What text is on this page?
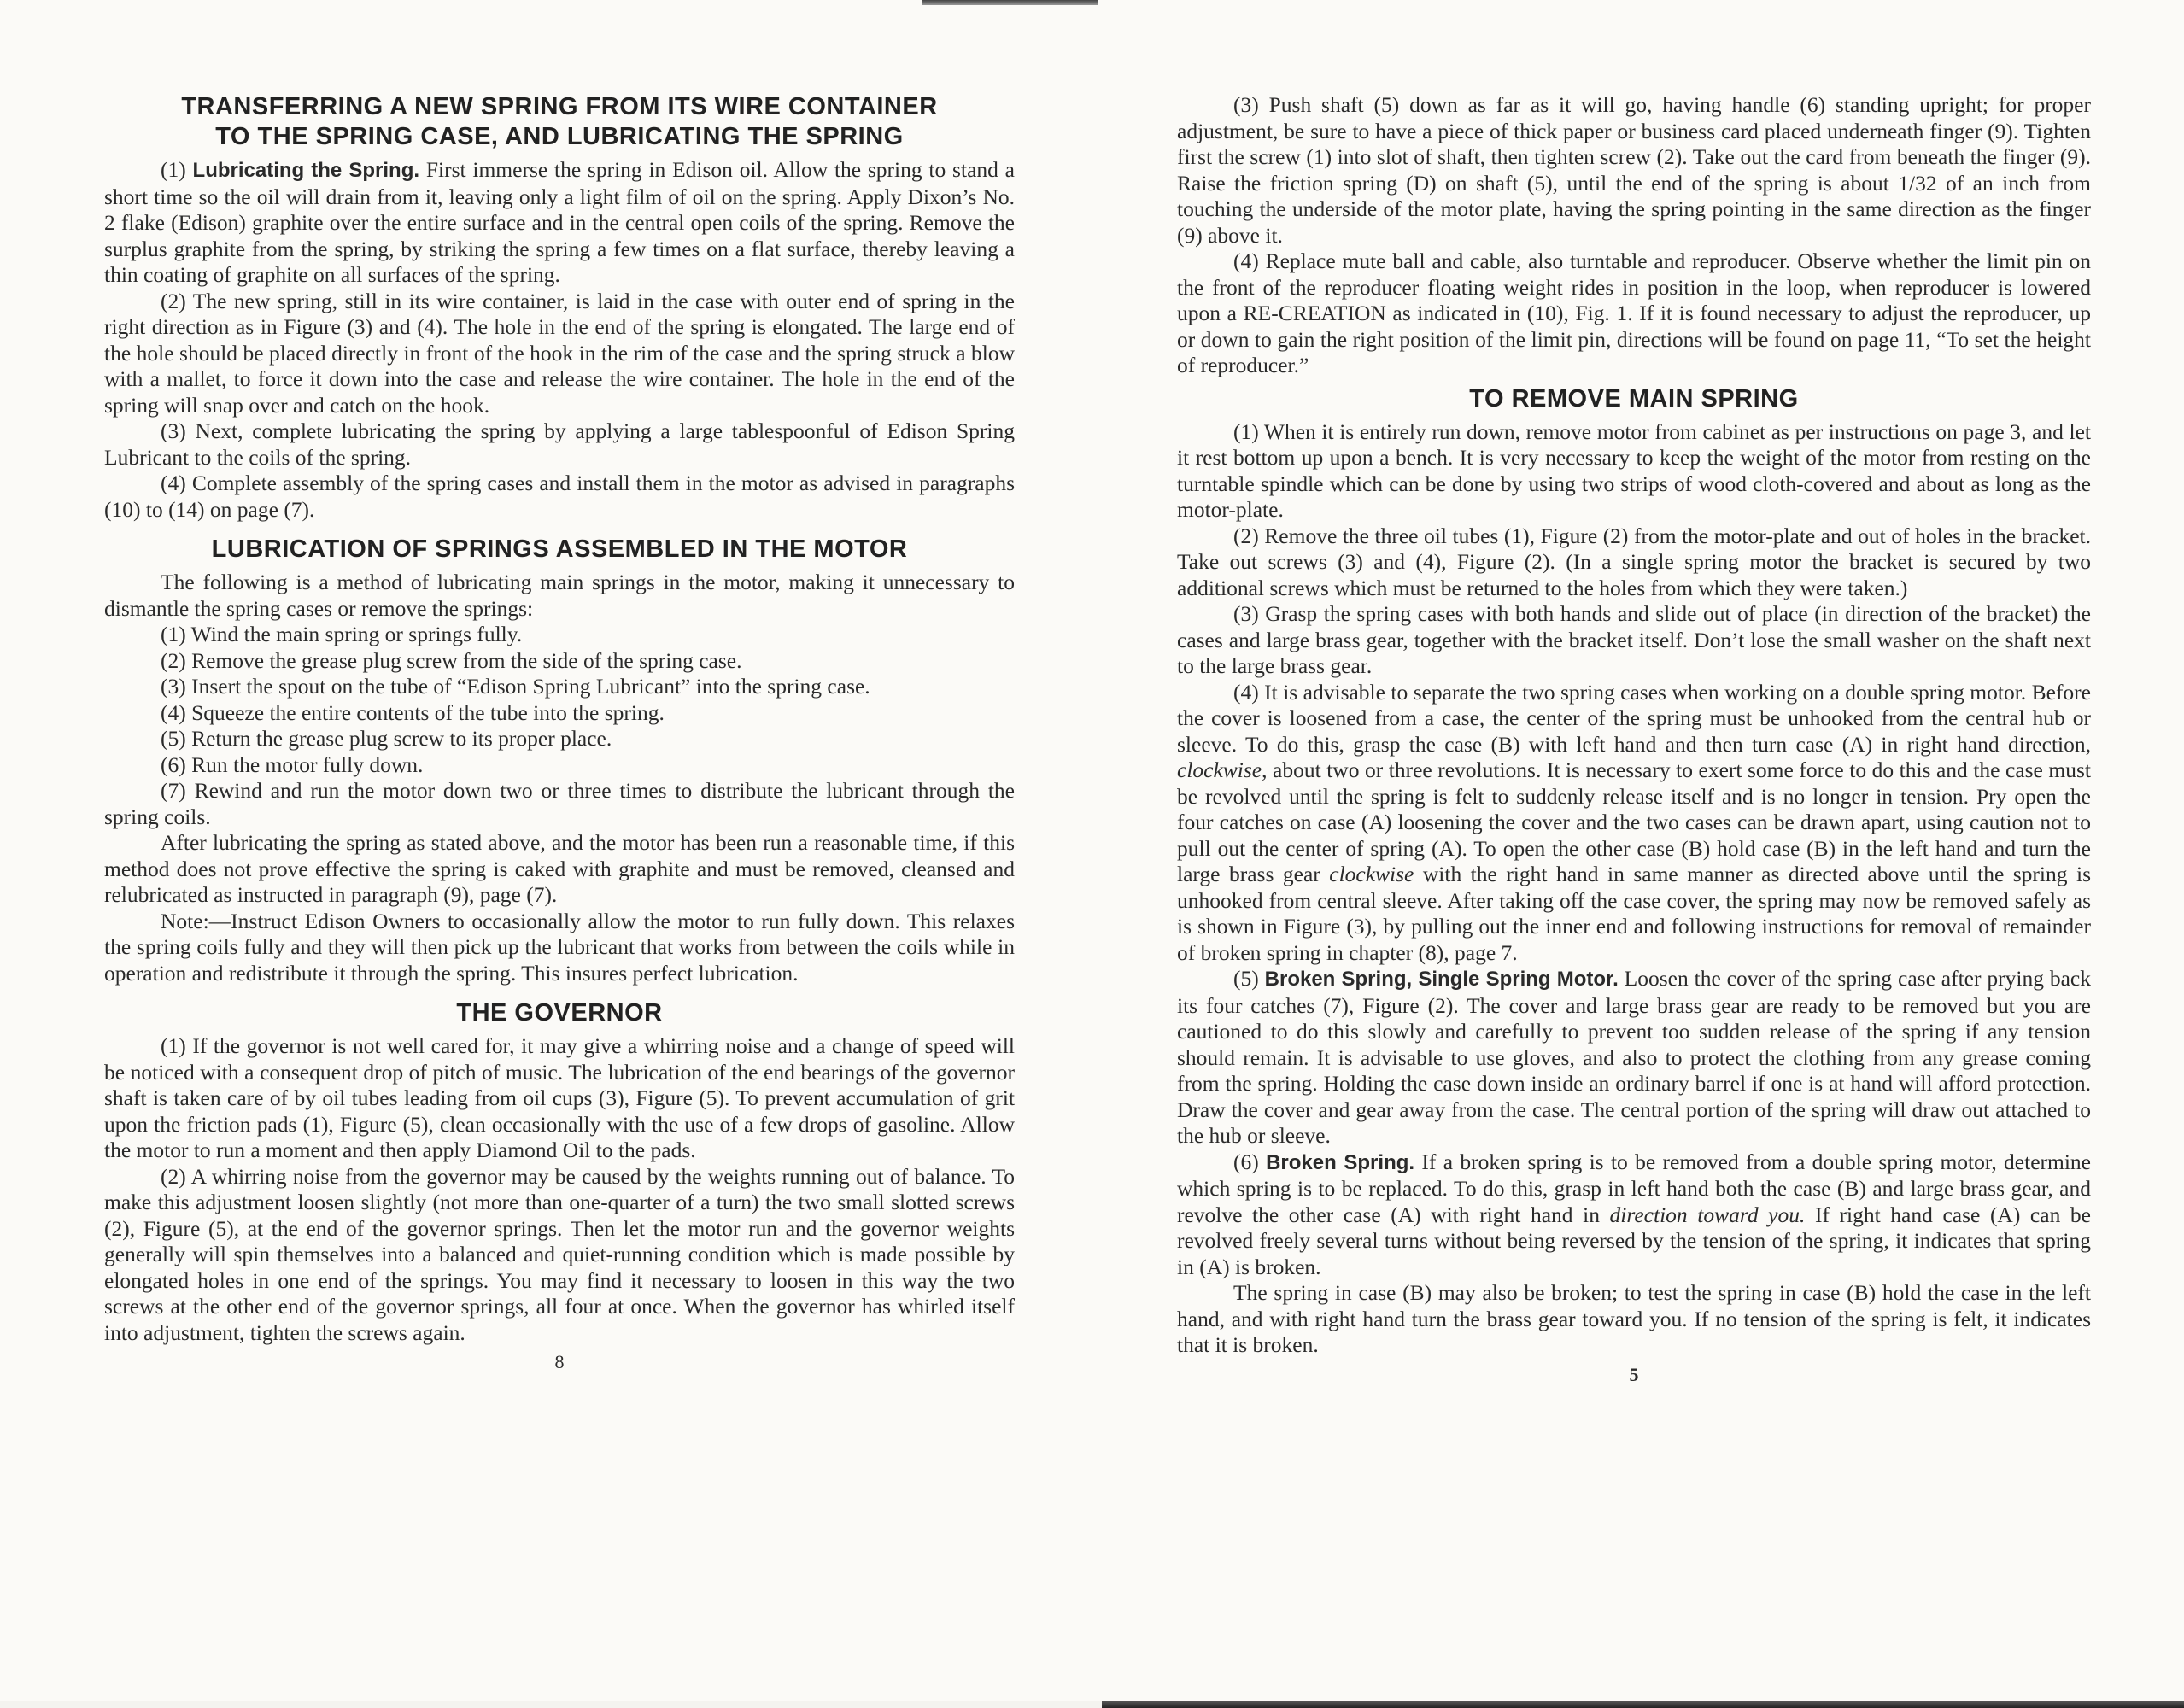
TRANSFERRING A NEW SPRING FROM ITS WIRE CONTAINER
TO THE SPRING CASE, AND LUBRICATING THE SPRING

(1) Lubricating the Spring. First immerse the spring in Edison oil. Allow the spring to stand a short time so the oil will drain from it, leaving only a light film of oil on the spring. Apply Dixon’s No. 2 flake (Edison) graphite over the entire surface and in the central open coils of the spring. Remove the surplus graphite from the spring, by striking the spring a few times on a flat surface, thereby leaving a thin coating of graphite on all surfaces of the spring.

(2) The new spring, still in its wire container, is laid in the case with outer end of spring in the right direction as in Figure (3) and (4). The hole in the end of the spring is elongated. The large end of the hole should be placed directly in front of the hook in the rim of the case and the spring struck a blow with a mallet, to force it down into the case and release the wire container. The hole in the end of the spring will snap over and catch on the hook.

(3) Next, complete lubricating the spring by applying a large tablespoonful of Edison Spring Lubricant to the coils of the spring.

(4) Complete assembly of the spring cases and install them in the motor as advised in paragraphs (10) to (14) on page (7).

LUBRICATION OF SPRINGS ASSEMBLED IN THE MOTOR

The following is a method of lubricating main springs in the motor, making it unnecessary to dismantle the spring cases or remove the springs:

(1) Wind the main spring or springs fully.

(2) Remove the grease plug screw from the side of the spring case.

(3) Insert the spout on the tube of “Edison Spring Lubricant” into the spring case.

(4) Squeeze the entire contents of the tube into the spring.

(5) Return the grease plug screw to its proper place.

(6) Run the motor fully down.

(7) Rewind and run the motor down two or three times to distribute the lubricant through the spring coils.

After lubricating the spring as stated above, and the motor has been run a reasonable time, if this method does not prove effective the spring is caked with graphite and must be removed, cleansed and relubricated as instructed in paragraph (9), page (7).

Note:—Instruct Edison Owners to occasionally allow the motor to run fully down. This relaxes the spring coils fully and they will then pick up the lubricant that works from between the coils while in operation and redistribute it through the spring. This insures perfect lubrication.

THE GOVERNOR

(1) If the governor is not well cared for, it may give a whirring noise and a change of speed will be noticed with a consequent drop of pitch of music. The lubrication of the end bearings of the governor shaft is taken care of by oil tubes leading from oil cups (3), Figure (5). To prevent accumulation of grit upon the friction pads (1), Figure (5), clean occasionally with the use of a few drops of gasoline. Allow the motor to run a moment and then apply Diamond Oil to the pads.

(2) A whirring noise from the governor may be caused by the weights running out of balance. To make this adjustment loosen slightly (not more than one-quarter of a turn) the two small slotted screws (2), Figure (5), at the end of the governor springs. Then let the motor run and the governor weights generally will spin themselves into a balanced and quiet-running condition which is made possible by elongated holes in one end of the springs. You may find it necessary to loosen in this way the two screws at the other end of the governor springs, all four at once. When the governor has whirled itself into adjustment, tighten the screws again.

8

(3) Push shaft (5) down as far as it will go, having handle (6) standing upright; for proper adjustment, be sure to have a piece of thick paper or business card placed underneath finger (9). Tighten first the screw (1) into slot of shaft, then tighten screw (2). Take out the card from beneath the finger (9). Raise the friction spring (D) on shaft (5), until the end of the spring is about 1/32 of an inch from touching the underside of the motor plate, having the spring pointing in the same direction as the finger (9) above it.

(4) Replace mute ball and cable, also turntable and reproducer. Observe whether the limit pin on the front of the reproducer floating weight rides in position in the loop, when reproducer is lowered upon a RE-CREATION as indicated in (10), Fig. 1. If it is found necessary to adjust the reproducer, up or down to gain the right position of the limit pin, directions will be found on page 11, “To set the height of reproducer.”

TO REMOVE MAIN SPRING

(1) When it is entirely run down, remove motor from cabinet as per instructions on page 3, and let it rest bottom up upon a bench. It is very necessary to keep the weight of the motor from resting on the turntable spindle which can be done by using two strips of wood cloth-covered and about as long as the motor-plate.

(2) Remove the three oil tubes (1), Figure (2) from the motor-plate and out of holes in the bracket. Take out screws (3) and (4), Figure (2). (In a single spring motor the bracket is secured by two additional screws which must be returned to the holes from which they were taken.)

(3) Grasp the spring cases with both hands and slide out of place (in direction of the bracket) the cases and large brass gear, together with the bracket itself. Don’t lose the small washer on the shaft next to the large brass gear.

(4) It is advisable to separate the two spring cases when working on a double spring motor. Before the cover is loosened from a case, the center of the spring must be unhooked from the central hub or sleeve. To do this, grasp the case (B) with left hand and then turn case (A) in right hand direction, clockwise, about two or three revolutions. It is necessary to exert some force to do this and the case must be revolved until the spring is felt to suddenly release itself and is no longer in tension. Pry open the four catches on case (A) loosening the cover and the two cases can be drawn apart, using caution not to pull out the center of spring (A). To open the other case (B) hold case (B) in the left hand and turn the large brass gear clockwise with the right hand in same manner as directed above until the spring is unhooked from central sleeve. After taking off the case cover, the spring may now be removed safely as is shown in Figure (3), by pulling out the inner end and following instructions for removal of remainder of broken spring in chapter (8), page 7.

(5) Broken Spring, Single Spring Motor. Loosen the cover of the spring case after prying back its four catches (7), Figure (2). The cover and large brass gear are ready to be removed but you are cautioned to do this slowly and carefully to prevent too sudden release of the spring if any tension should remain. It is advisable to use gloves, and also to protect the clothing from any grease coming from the spring. Holding the case down inside an ordinary barrel if one is at hand will afford protection. Draw the cover and gear away from the case. The central portion of the spring will draw out attached to the hub or sleeve.

(6) Broken Spring. If a broken spring is to be removed from a double spring motor, determine which spring is to be replaced. To do this, grasp in left hand both the case (B) and large brass gear, and revolve the other case (A) with right hand in direction toward you. If right hand case (A) can be revolved freely several turns without being reversed by the tension of the spring, it indicates that spring in (A) is broken.

The spring in case (B) may also be broken; to test the spring in case (B) hold the case in the left hand, and with right hand turn the brass gear toward you. If no tension of the spring is felt, it indicates that it is broken.

5
